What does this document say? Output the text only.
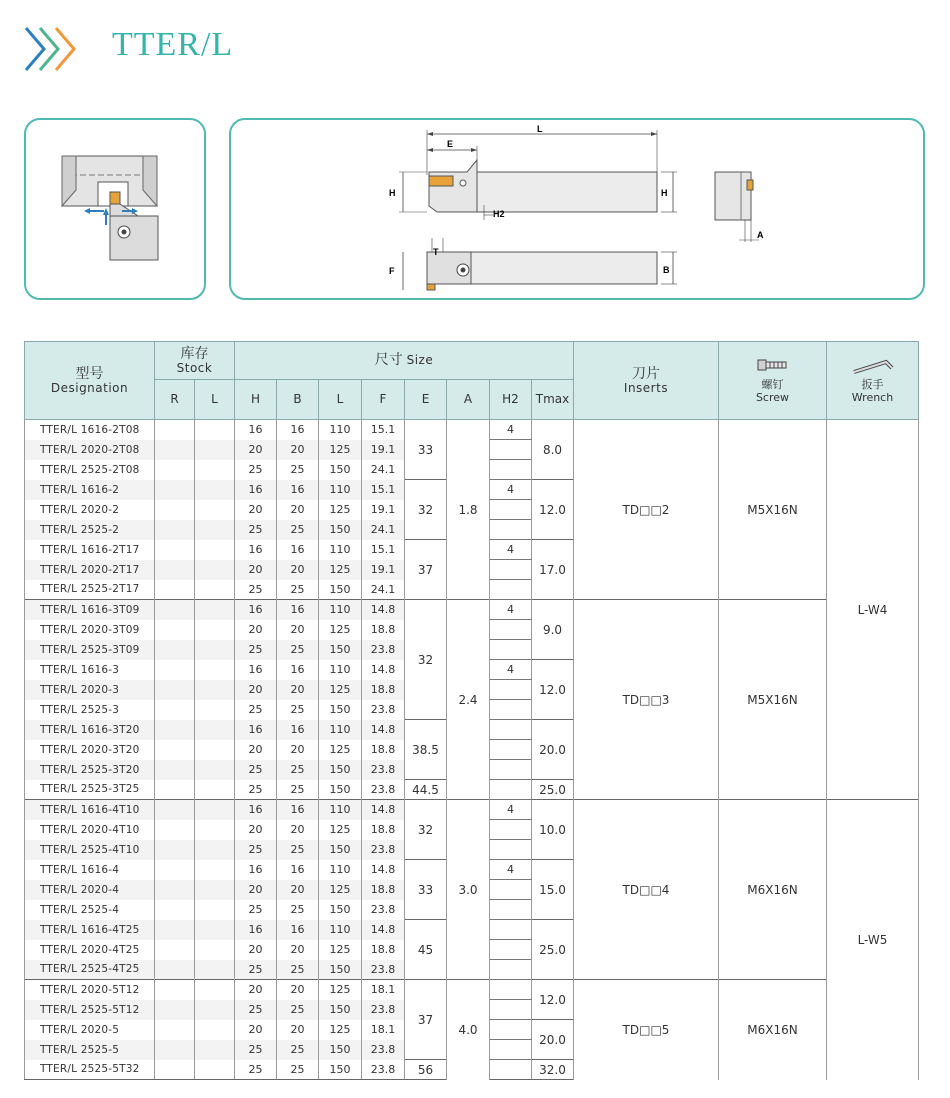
TTER/L
L
E
H	H
H2
T
F	B
A
型号
Designation	库存
Stock		尺寸 Size								刀片
Inserts	螺钉
Screw	扳手
Wrench
	R	L	H	B	L	F	E	A	H2	Tmax			
TTER/L 1616-2T08			16	16	110	15.1	33	1.8	4	8.0	TD□□2	M5X16N	L-W4
TTER/L 2020-2T08			20	20	125	19.1							
TTER/L 2525-2T08			25	25	150	24.1							
TTER/L 1616-2			16	16	110	15.1	32		4	12.0			
TTER/L 2020-2			20	20	125	19.1							
TTER/L 2525-2			25	25	150	24.1							
TTER/L 1616-2T17			16	16	110	15.1	37		4	17.0			
TTER/L 2020-2T17			20	20	125	19.1							
TTER/L 2525-2T17			25	25	150	24.1							
TTER/L 1616-3T09			16	16	110	14.8	32	2.4	4	9.0	TD□□3	M5X16N	
TTER/L 2020-3T09			20	20	125	18.8							
TTER/L 2525-3T09			25	25	150	23.8							
TTER/L 1616-3			16	16	110	14.8			4	12.0			
TTER/L 2020-3			20	20	125	18.8							
TTER/L 2525-3			25	25	150	23.8							
TTER/L 1616-3T20			16	16	110	14.8	38.5			20.0			
TTER/L 2020-3T20			20	20	125	18.8							
TTER/L 2525-3T20			25	25	150	23.8							
TTER/L 2525-3T25			25	25	150	23.8	44.5			25.0			
TTER/L 1616-4T10			16	16	110	14.8	32	3.0	4	10.0	TD□□4	M6X16N	L-W5
TTER/L 2020-4T10			20	20	125	18.8							
TTER/L 2525-4T10			25	25	150	23.8							
TTER/L 1616-4			16	16	110	14.8	33		4	15.0			
TTER/L 2020-4			20	20	125	18.8							
TTER/L 2525-4			25	25	150	23.8							
TTER/L 1616-4T25			16	16	110	14.8	45			25.0			
TTER/L 2020-4T25			20	20	125	18.8							
TTER/L 2525-4T25			25	25	150	23.8							
TTER/L 2020-5T12			20	20	125	18.1	37	4.0		12.0	TD□□5	M6X16N	
TTER/L 2525-5T12			25	25	150	23.8							
TTER/L 2020-5			20	20	125	18.1				20.0			
TTER/L 2525-5			25	25	150	23.8							
TTER/L 2525-5T32			25	25	150	23.8	56			32.0			
